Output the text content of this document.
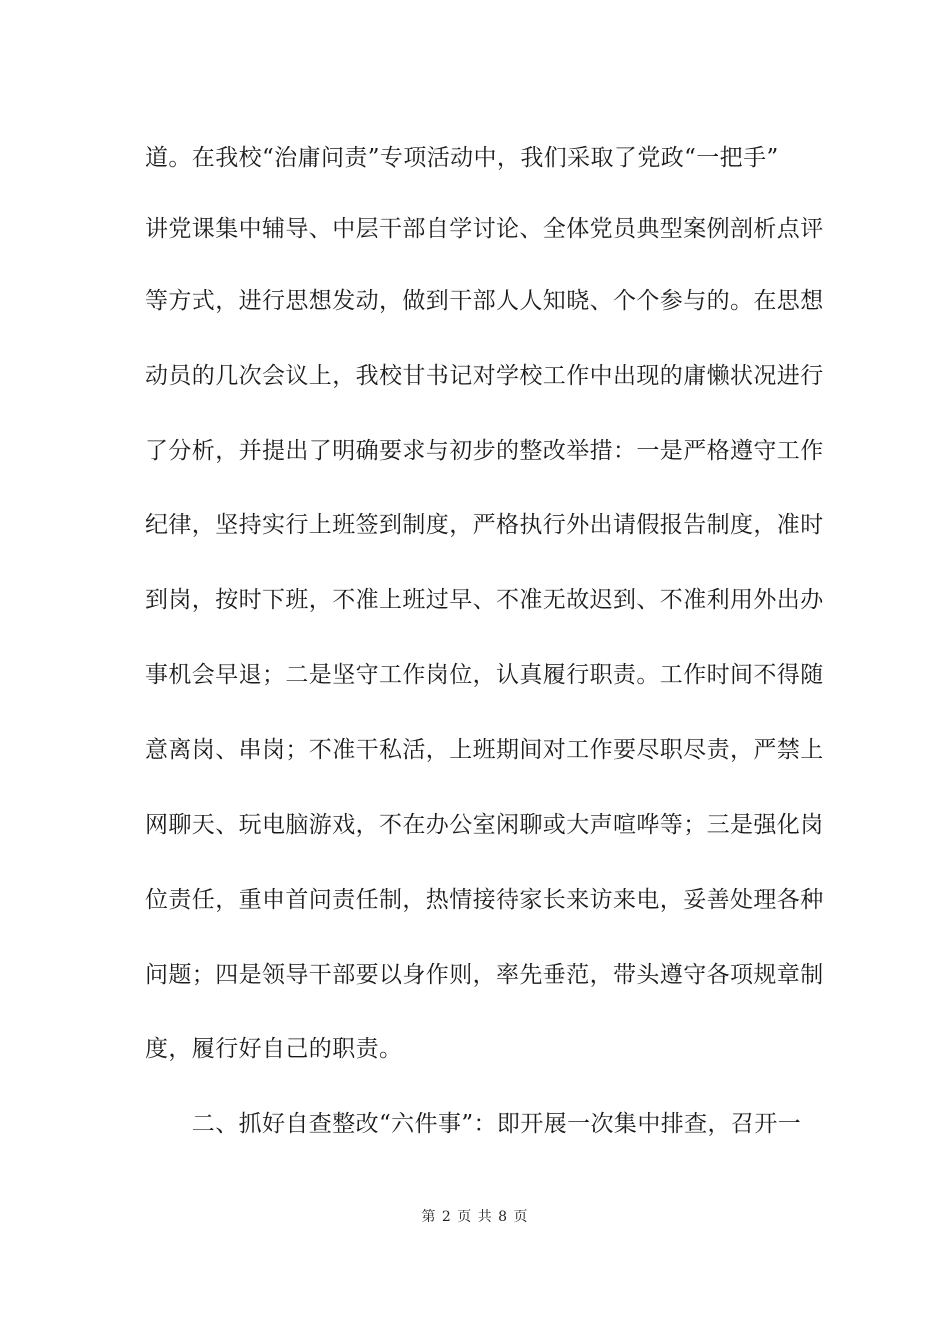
道。在我校“治庸问责”专项活动中，我们采取了党政“一把手”
讲党课集中辅导、中层干部自学讨论、全体党员典型案例剖析点评
等方式，进行思想发动，做到干部人人知晓、个个参与的。在思想
动员的几次会议上，我校甘书记对学校工作中出现的庸懒状况进行
了分析，并提出了明确要求与初步的整改举措：一是严格遵守工作
纪律，坚持实行上班签到制度，严格执行外出请假报告制度，准时
到岗，按时下班，不准上班过早、不准无故迟到、不准利用外出办
事机会早退；二是坚守工作岗位，认真履行职责。工作时间不得随
意离岗、串岗；不准干私活，上班期间对工作要尽职尽责，严禁上
网聊天、玩电脑游戏，不在办公室闲聊或大声喧哗等；三是强化岗
位责任，重申首问责任制，热情接待家长来访来电，妥善处理各种
问题；四是领导干部要以身作则，率先垂范，带头遵守各项规章制
度，履行好自己的职责。
　　二、抓好自查整改“六件事”：即开展一次集中排查，召开一
第 2 页 共 8 页
